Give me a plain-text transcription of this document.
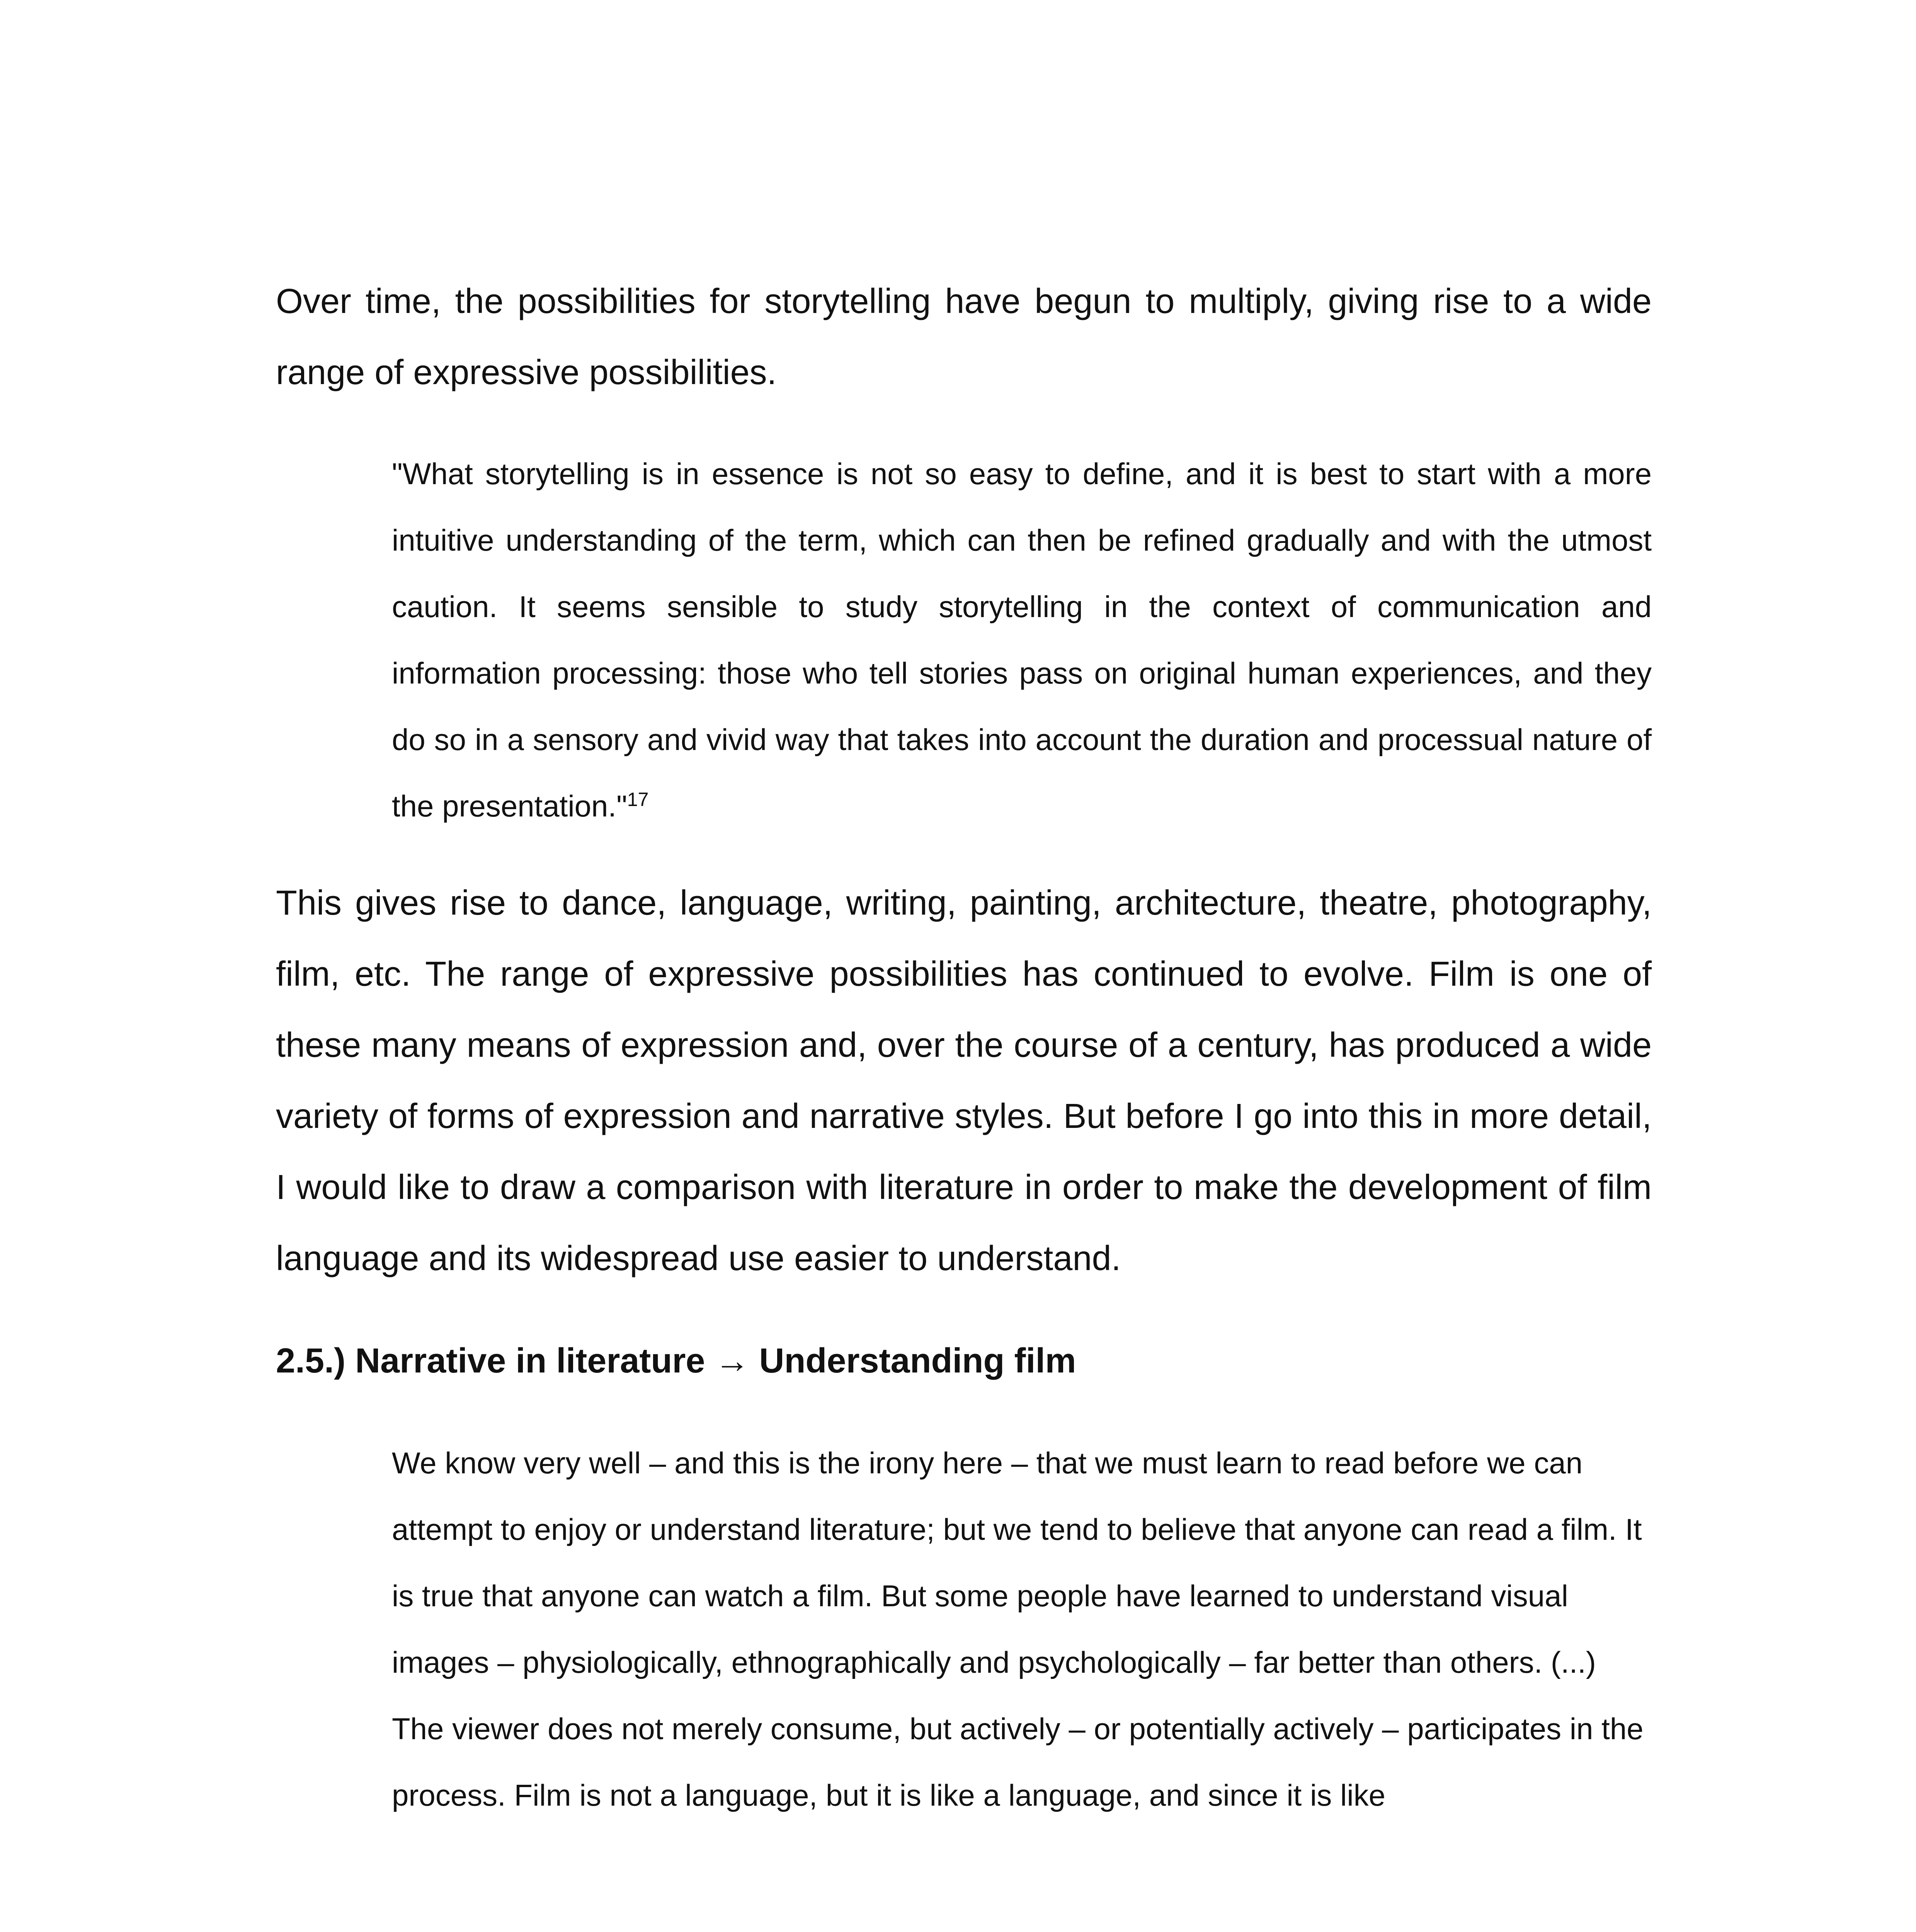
Over time, the possibilities for storytelling have begun to multiply, giving rise to a wide range of expressive possibilities.

"What storytelling is in essence is not so easy to define, and it is best to start with a more intuitive understanding of the term, which can then be refined gradually and with the utmost caution. It seems sensible to study storytelling in the context of communication and information processing: those who tell stories pass on original human experiences, and they do so in a sensory and vivid way that takes into account the duration and processual nature of the presentation."$^{17}$

This gives rise to dance, language, writing, painting, architecture, theatre, photography, film, etc. The range of expressive possibilities has continued to evolve. Film is one of these many means of expression and, over the course of a century, has produced a wide variety of forms of expression and narrative styles. But before I go into this in more detail, I would like to draw a comparison with literature in order to make the development of film language and its widespread use easier to understand.

2.5.) Narrative in literature → Understanding film

We know very well – and this is the irony here – that we must learn to read before we can attempt to enjoy or understand literature; but we tend to believe that anyone can read a film. It is true that anyone can watch a film. But some people have learned to understand visual images – physiologically, ethnographically and psychologically – far better than others. (...) The viewer does not merely consume, but actively – or potentially actively – participates in the process. Film is not a language, but it is like a language, and since it is like
